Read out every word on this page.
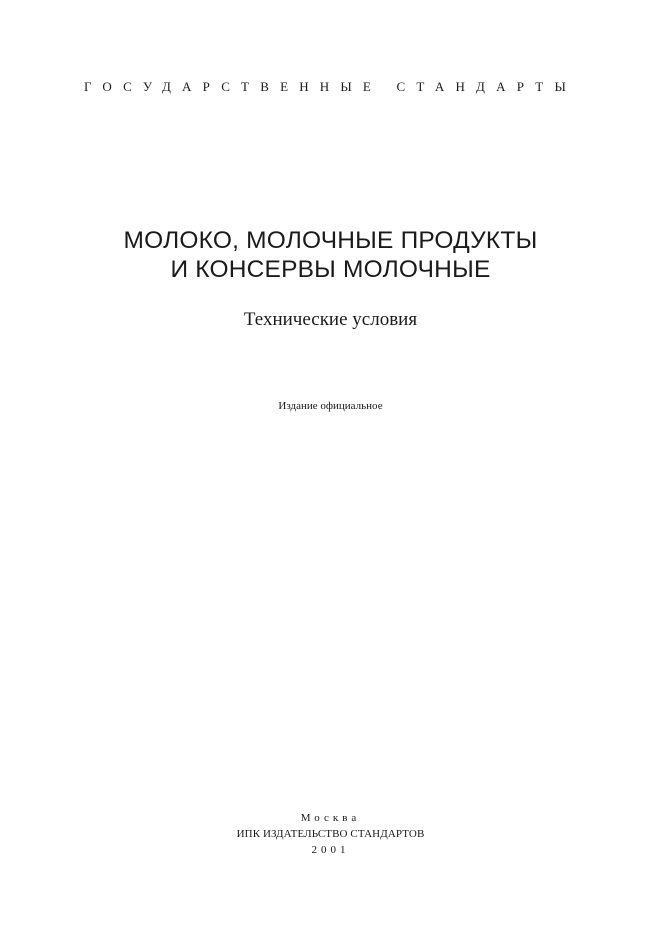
ГОСУДАРСТВЕННЫЕ СТАНДАРТЫ
МОЛОКО, МОЛОЧНЫЕ ПРОДУКТЫ
И КОНСЕРВЫ МОЛОЧНЫЕ
Технические условия
Издание официальное
Москва
ИПК ИЗДАТЕЛЬСТВО СТАНДАРТОВ
2001
